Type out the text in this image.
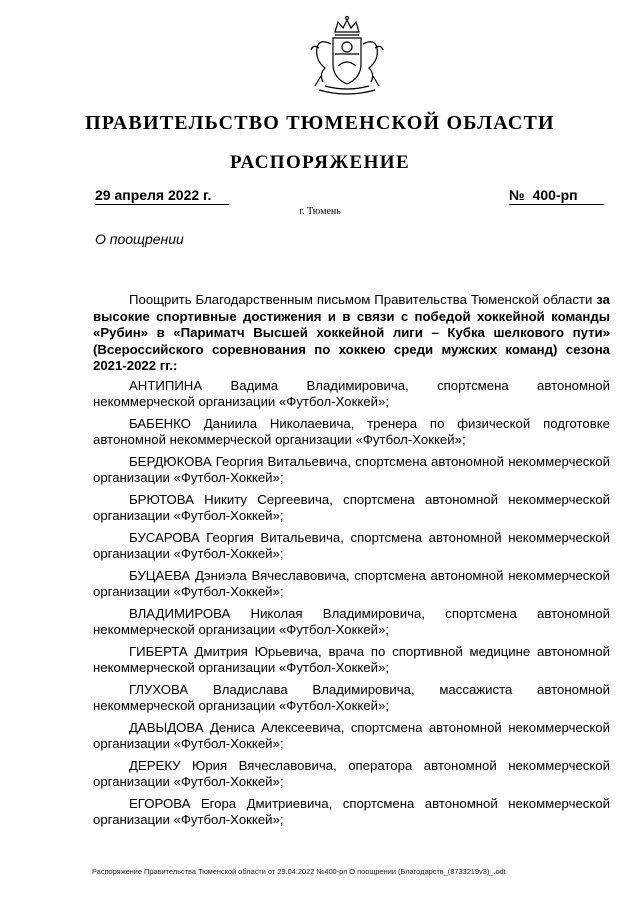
ПРАВИТЕЛЬСТВО ТЮМЕНСКОЙ ОБЛАСТИ
РАСПОРЯЖЕНИЕ
29 апреля 2022 г.	№ 400-рп
г. Тюмень
О поощрении

Поощрить Благодарственным письмом Правительства Тюменской области за высокие спортивные достижения и в связи с победой хоккейной команды «Рубин» в «Париматч Высшей хоккейной лиги – Кубка шелкового пути» (Всероссийского соревнования по хоккею среди мужских команд) сезона 2021-2022 гг.:

АНТИПИНА Вадима Владимировича, спортсмена автономной некоммерческой организации «Футбол-Хоккей»;

БАБЕНКО Даниила Николаевича, тренера по физической подготовке автономной некоммерческой организации «Футбол-Хоккей»;

БЕРДЮКОВА Георгия Витальевича, спортсмена автономной некоммерческой организации «Футбол-Хоккей»;

БРЮТОВА Никиту Сергеевича, спортсмена автономной некоммерческой организации «Футбол-Хоккей»;

БУСАРОВА Георгия Витальевича, спортсмена автономной некоммерческой организации «Футбол-Хоккей»;

БУЦАЕВА Дэниэла Вячеславовича, спортсмена автономной некоммерческой организации «Футбол-Хоккей»;

ВЛАДИМИРОВА Николая Владимировича, спортсмена автономной некоммерческой организации «Футбол-Хоккей»;

ГИБЕРТА Дмитрия Юрьевича, врача по спортивной медицине автономной некоммерческой организации «Футбол-Хоккей»;

ГЛУХОВА Владислава Владимировича, массажиста автономной некоммерческой организации «Футбол-Хоккей»;

ДАВЫДОВА Дениса Алексеевича, спортсмена автономной некоммерческой организации «Футбол-Хоккей»;

ДЕРЕКУ Юрия Вячеславовича, оператора автономной некоммерческой организации «Футбол-Хоккей»;

ЕГОРОВА Егора Дмитриевича, спортсмена автономной некоммерческой организации «Футбол-Хоккей»;

Распоряжение Правительства Тюменской области от 29.04.2022 №400-рп О поощрении (Благодарств_(8733219v3)_.odt
